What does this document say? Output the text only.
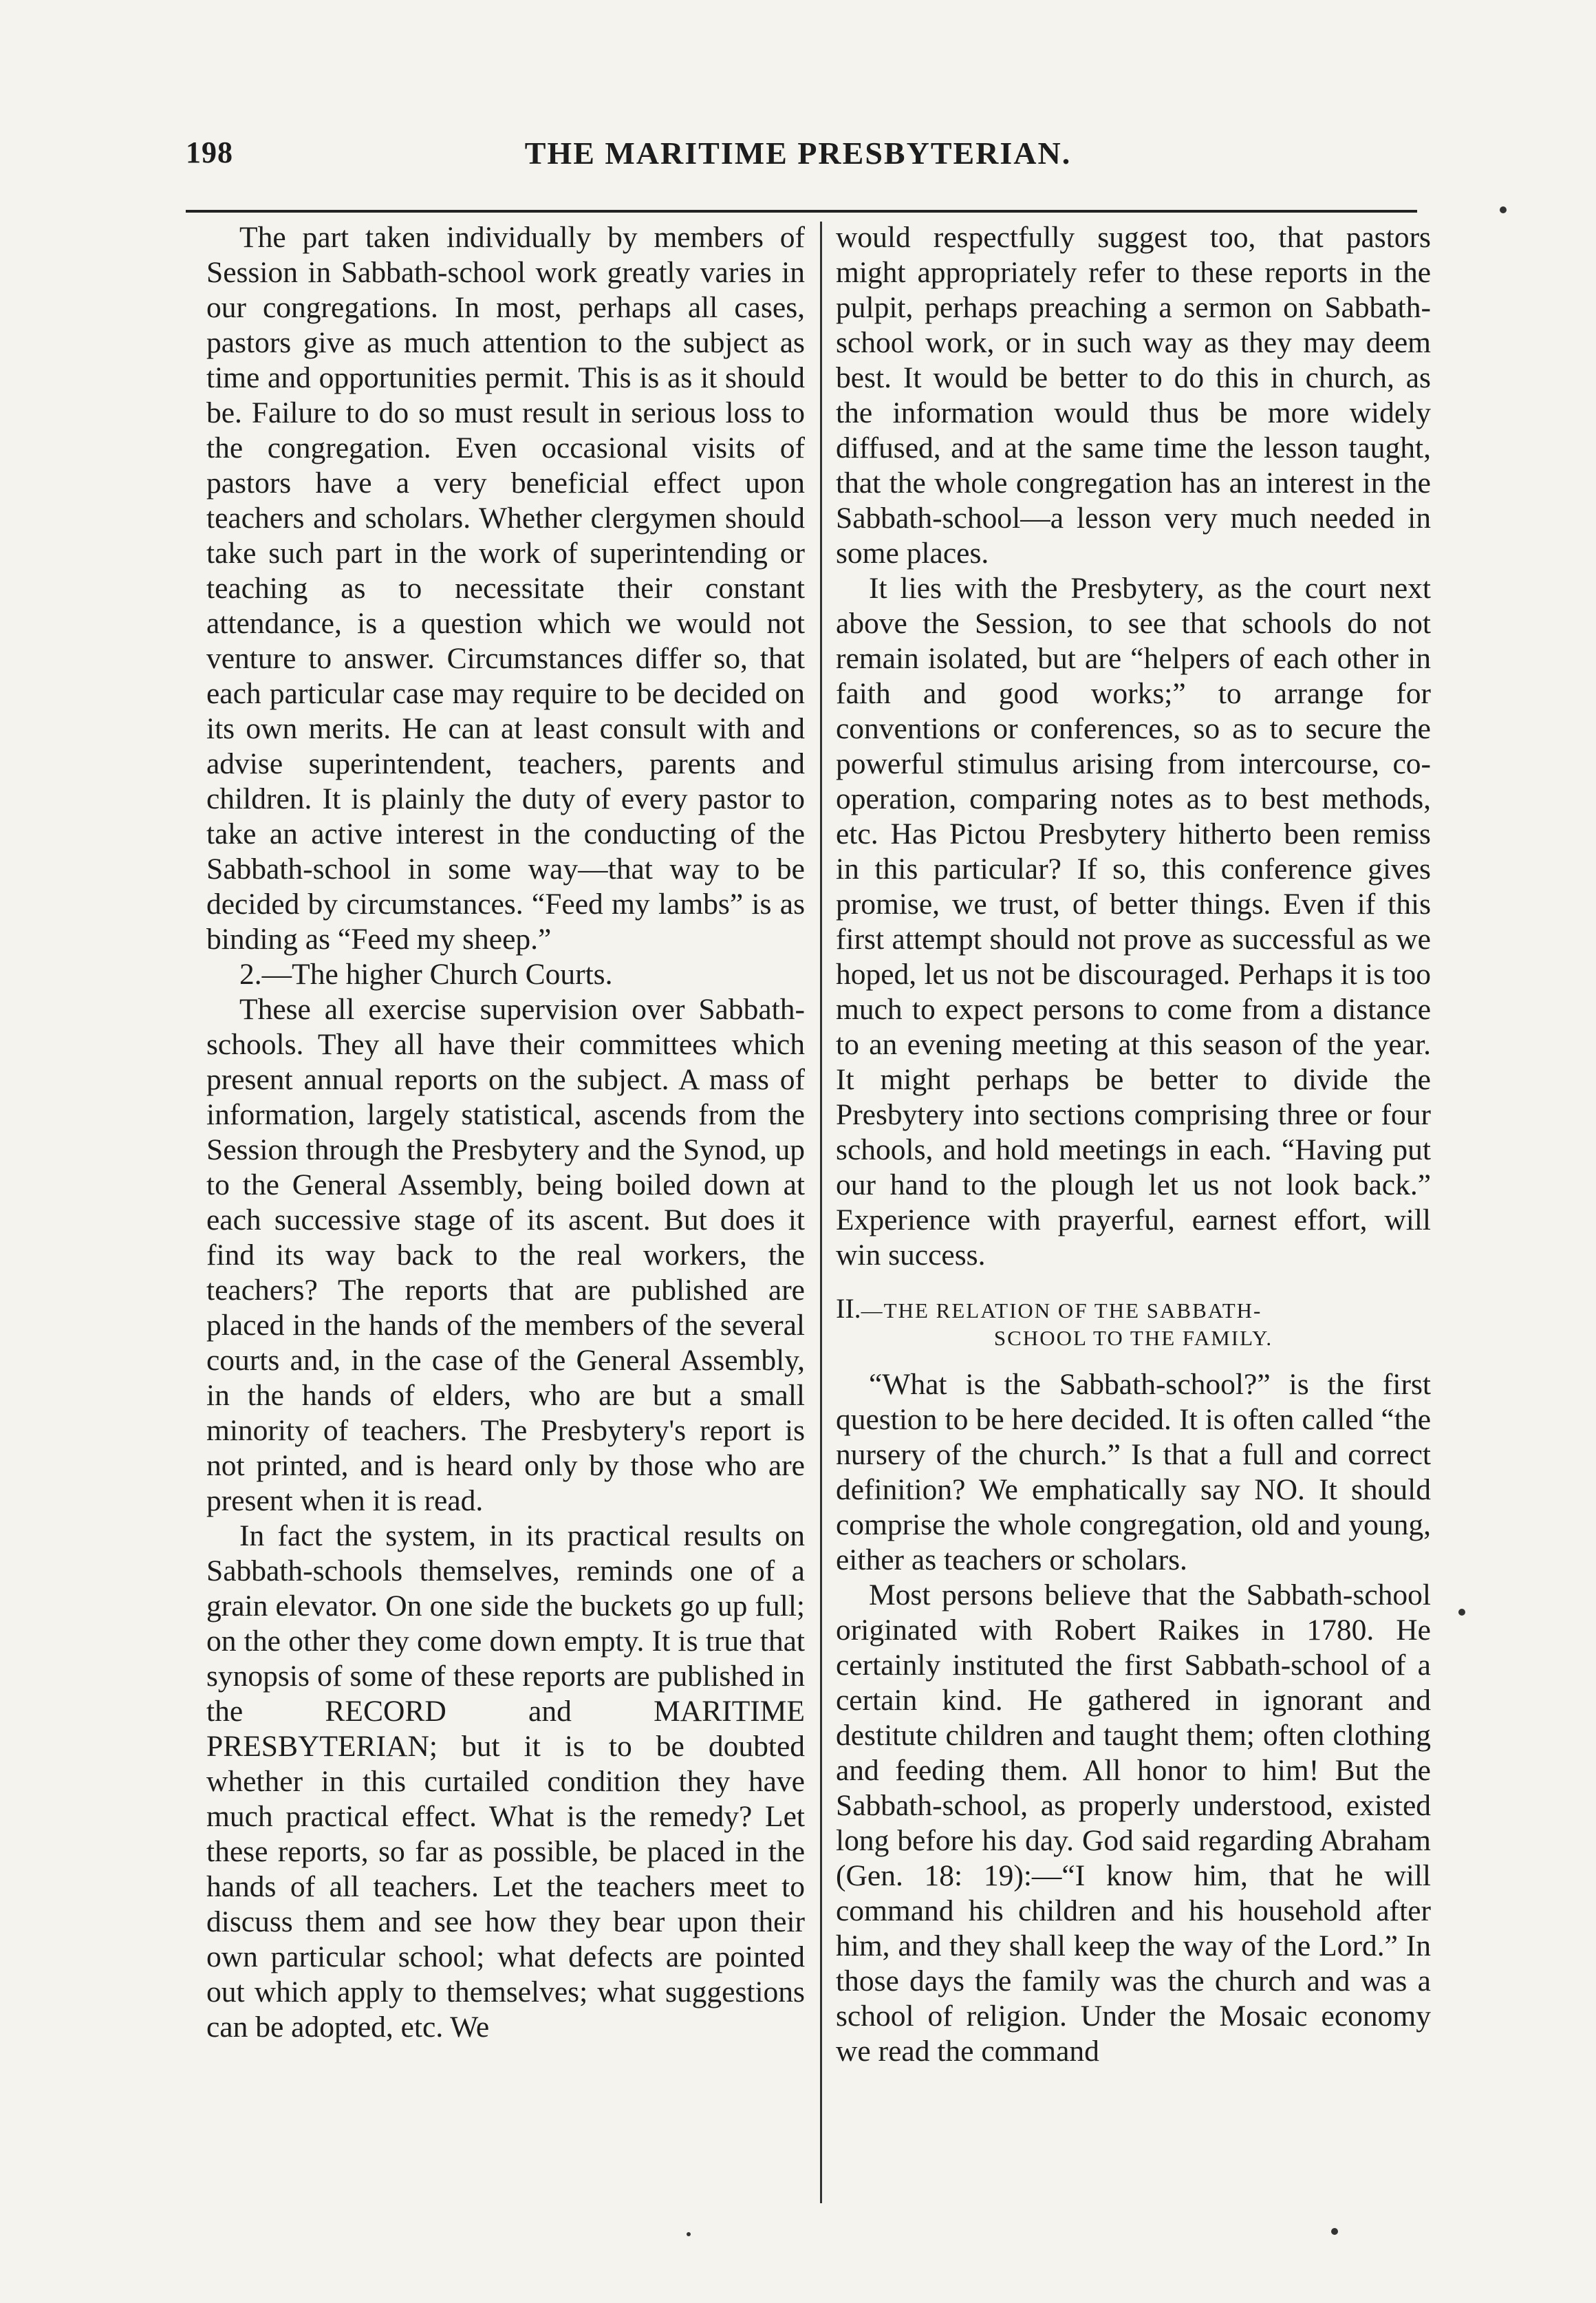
198	THE MARITIME PRESBYTERIAN.

The part taken individually by members of Session in Sabbath-school work greatly varies in our congregations. In most, perhaps all cases, pastors give as much attention to the subject as time and opportunities permit. This is as it should be. Failure to do so must result in serious loss to the congregation. Even occasional visits of pastors have a very beneficial effect upon teachers and scholars. Whether clergymen should take such part in the work of superintending or teaching as to necessitate their constant attendance, is a question which we would not venture to answer. Circumstances differ so, that each particular case may require to be decided on its own merits. He can at least consult with and advise superintendent, teachers, parents and children. It is plainly the duty of every pastor to take an active interest in the conducting of the Sabbath-school in some way—that way to be decided by circumstances. “Feed my lambs” is as binding as “Feed my sheep.”

2.—The higher Church Courts.

These all exercise supervision over Sabbath-schools. They all have their committees which present annual reports on the subject. A mass of information, largely statistical, ascends from the Session through the Presbytery and the Synod, up to the General Assembly, being boiled down at each successive stage of its ascent. But does it find its way back to the real workers, the teachers? The reports that are published are placed in the hands of the members of the several courts and, in the case of the General Assembly, in the hands of elders, who are but a small minority of teachers. The Presbytery's report is not printed, and is heard only by those who are present when it is read.

In fact the system, in its practical results on Sabbath-schools themselves, reminds one of a grain elevator. On one side the buckets go up full; on the other they come down empty. It is true that synopsis of some of these reports are published in the RECORD and MARITIME PRESBYTERIAN; but it is to be doubted whether in this curtailed condition they have much practical effect. What is the remedy? Let these reports, so far as possible, be placed in the hands of all teachers. Let the teachers meet to discuss them and see how they bear upon their own particular school; what defects are pointed out which apply to themselves; what suggestions can be adopted, etc. We

would respectfully suggest too, that pastors might appropriately refer to these reports in the pulpit, perhaps preaching a sermon on Sabbath-school work, or in such way as they may deem best. It would be better to do this in church, as the information would thus be more widely diffused, and at the same time the lesson taught, that the whole congregation has an interest in the Sabbath-school—a lesson very much needed in some places.

It lies with the Presbytery, as the court next above the Session, to see that schools do not remain isolated, but are “helpers of each other in faith and good works;” to arrange for conventions or conferences, so as to secure the powerful stimulus arising from intercourse, co-operation, comparing notes as to best methods, etc. Has Pictou Presbytery hitherto been remiss in this particular? If so, this conference gives promise, we trust, of better things. Even if this first attempt should not prove as successful as we hoped, let us not be discouraged. Perhaps it is too much to expect persons to come from a distance to an evening meeting at this season of the year. It might perhaps be better to divide the Presbytery into sections comprising three or four schools, and hold meetings in each. “Having put our hand to the plough let us not look back.” Experience with prayerful, earnest effort, will win success.

II.—THE RELATION OF THE SABBATH-
SCHOOL TO THE FAMILY.

“What is the Sabbath-school?” is the first question to be here decided. It is often called “the nursery of the church.” Is that a full and correct definition? We emphatically say NO. It should comprise the whole congregation, old and young, either as teachers or scholars.

Most persons believe that the Sabbath-school originated with Robert Raikes in 1780. He certainly instituted the first Sabbath-school of a certain kind. He gathered in ignorant and destitute children and taught them; often clothing and feeding them. All honor to him! But the Sabbath-school, as properly understood, existed long before his day. God said regarding Abraham (Gen. 18: 19):—“I know him, that he will command his children and his household after him, and they shall keep the way of the Lord.” In those days the family was the church and was a school of religion. Under the Mosaic economy we read the command
